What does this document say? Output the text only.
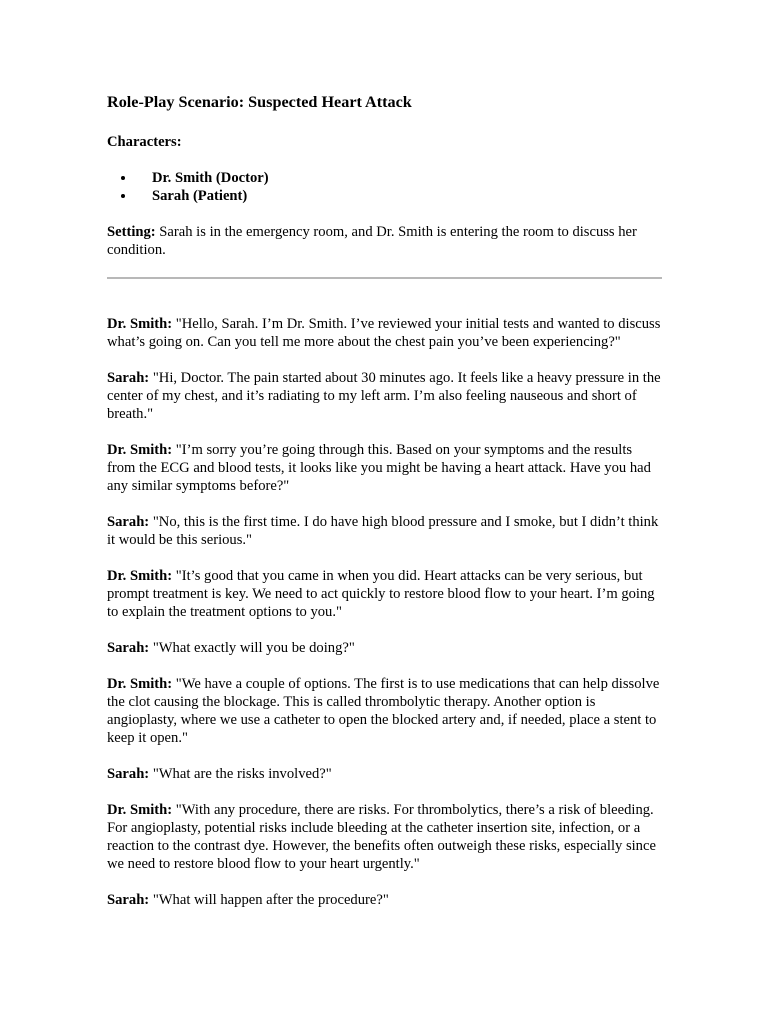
Role-Play Scenario: Suspected Heart Attack

Characters:

• Dr. Smith (Doctor)
• Sarah (Patient)

Setting: Sarah is in the emergency room, and Dr. Smith is entering the room to discuss her condition.

Dr. Smith: "Hello, Sarah. I’m Dr. Smith. I’ve reviewed your initial tests and wanted to discuss what’s going on. Can you tell me more about the chest pain you’ve been experiencing?"

Sarah: "Hi, Doctor. The pain started about 30 minutes ago. It feels like a heavy pressure in the center of my chest, and it’s radiating to my left arm. I’m also feeling nauseous and short of breath."

Dr. Smith: "I’m sorry you’re going through this. Based on your symptoms and the results from the ECG and blood tests, it looks like you might be having a heart attack. Have you had any similar symptoms before?"

Sarah: "No, this is the first time. I do have high blood pressure and I smoke, but I didn’t think it would be this serious."

Dr. Smith: "It’s good that you came in when you did. Heart attacks can be very serious, but prompt treatment is key. We need to act quickly to restore blood flow to your heart. I’m going to explain the treatment options to you."

Sarah: "What exactly will you be doing?"

Dr. Smith: "We have a couple of options. The first is to use medications that can help dissolve the clot causing the blockage. This is called thrombolytic therapy. Another option is angioplasty, where we use a catheter to open the blocked artery and, if needed, place a stent to keep it open."

Sarah: "What are the risks involved?"

Dr. Smith: "With any procedure, there are risks. For thrombolytics, there’s a risk of bleeding. For angioplasty, potential risks include bleeding at the catheter insertion site, infection, or a reaction to the contrast dye. However, the benefits often outweigh these risks, especially since we need to restore blood flow to your heart urgently."

Sarah: "What will happen after the procedure?"
